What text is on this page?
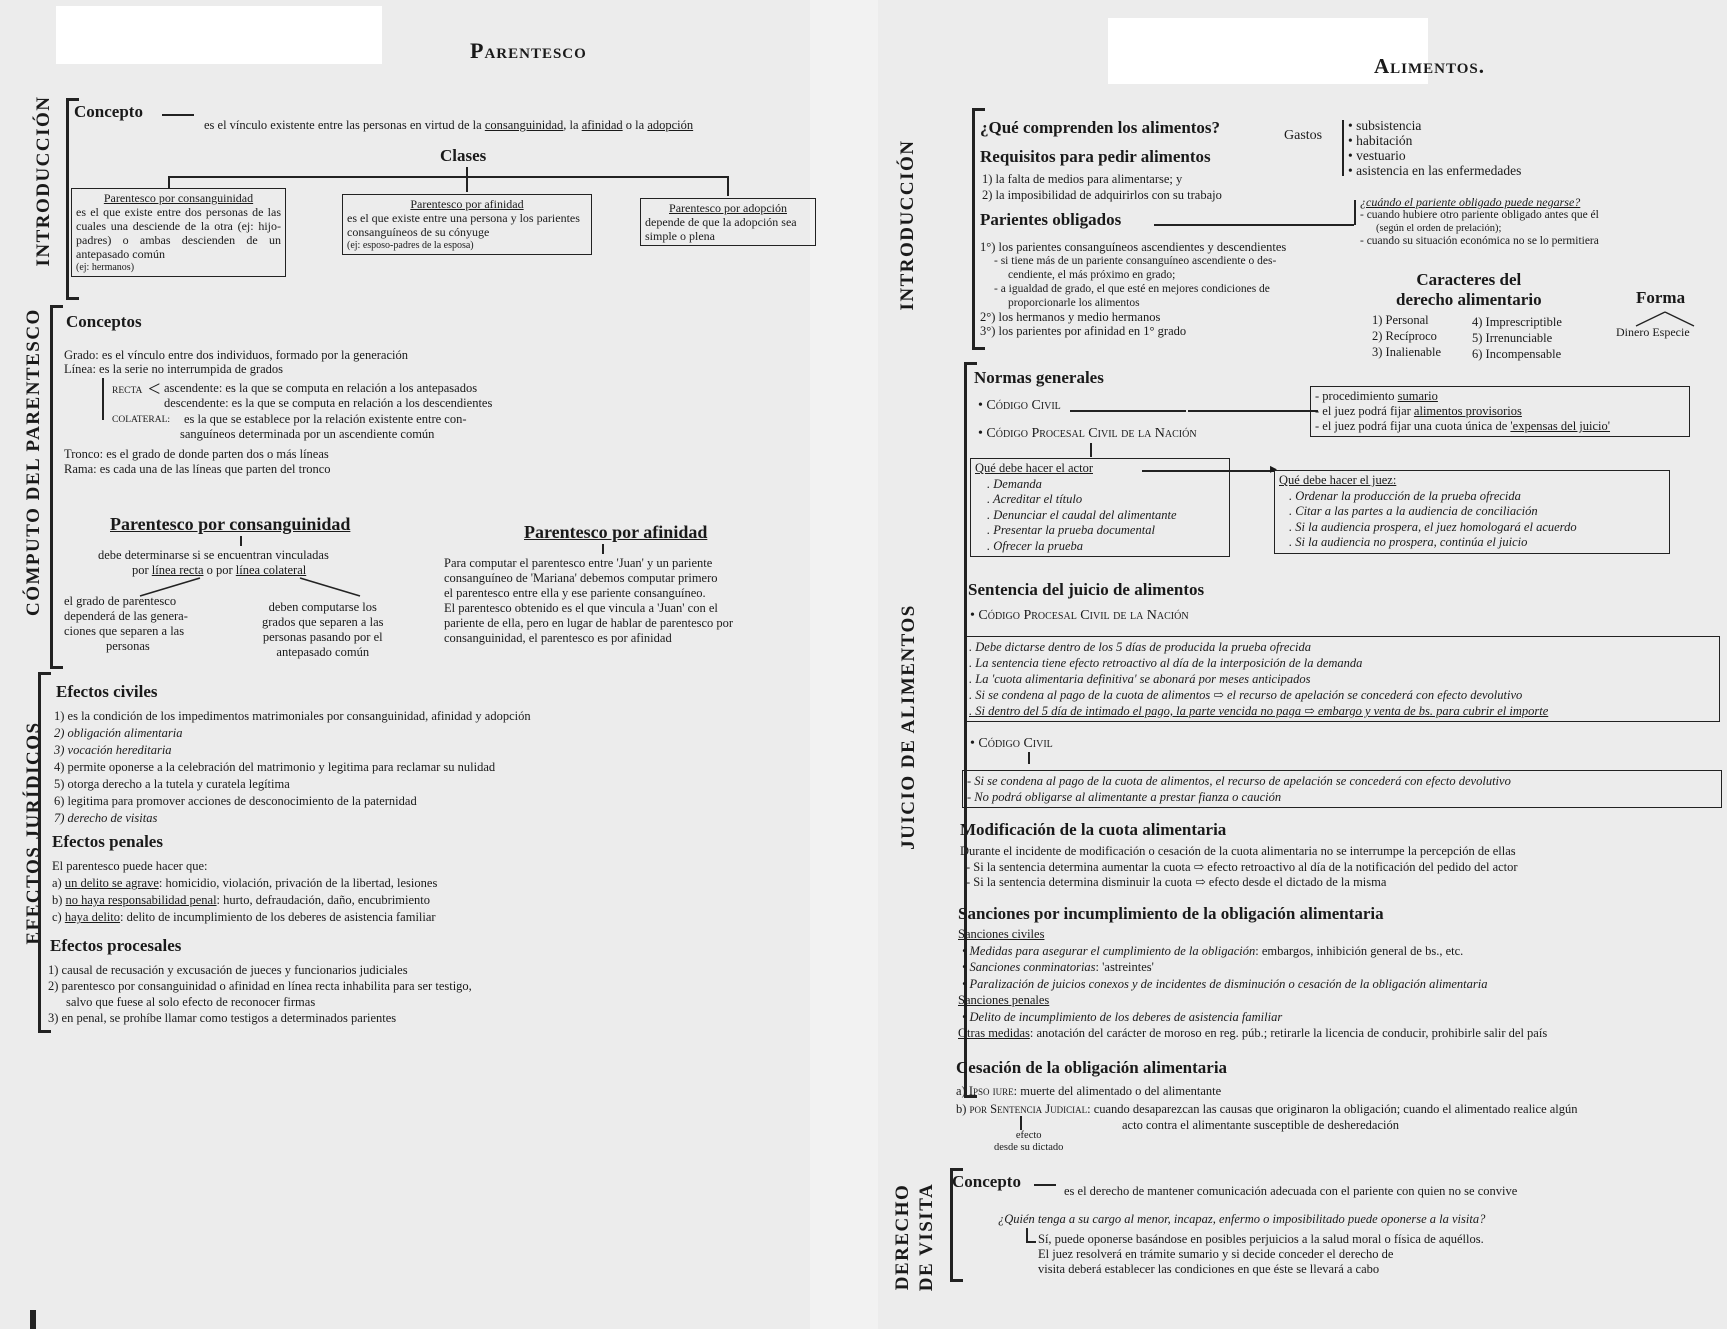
Parentesco
INTRODUCCIÓN
CÓMPUTO DEL PARENTESCO
EFECTOS JURÍDICOS
Concepto
es el vínculo existente entre las personas en virtud de la consanguinidad, la afinidad o la adopción
Clases
Parentesco por consanguinidad
es el que existe entre dos personas de las cuales una desciende de la otra (ej: hijo-padres) o ambas descienden de un antepasado común
(ej: hermanos)
Parentesco por afinidad
es el que existe entre una persona y los parientes consanguíneos de su cónyuge
(ej: esposo-padres de la esposa)
Parentesco por adopción
depende de que la adopción sea simple o plena
Conceptos
Grado: es el vínculo entre dos individuos, formado por la generación
Línea: es la serie no interrumpida de grados
RECTA < ascendente: es la que se computa en relación a los antepasados
descendente: es la que se computa en relación a los descendientes
COLATERAL: es la que se establece por la relación existente entre con-
sanguíneos determinada por un ascendiente común
Tronco: es el grado de donde parten dos o más líneas
Rama: es cada una de las líneas que parten del tronco
Parentesco por consanguinidad
debe determinarse si se encuentran vinculadas
por línea recta o por línea colateral
el grado de parentesco
dependerá de las genera-
ciones que separen a las
personas
deben computarse los
grados que separen a las
personas pasando por el
antepasado común
Parentesco por afinidad
Para computar el parentesco entre 'Juan' y un pariente
consanguíneo de 'Mariana' debemos computar primero
el parentesco entre ella y ese pariente consanguíneo.
El parentesco obtenido es el que vincula a 'Juan' con el
pariente de ella, pero en lugar de hablar de parentesco por
consanguinidad, el parentesco es por afinidad
Efectos civiles
1) es la condición de los impedimentos matrimoniales por consanguinidad, afinidad y adopción
2) obligación alimentaria
3) vocación hereditaria
4) permite oponerse a la celebración del matrimonio y legitima para reclamar su nulidad
5) otorga derecho a la tutela y curatela legítima
6) legitima para promover acciones de desconocimiento de la paternidad
7) derecho de visitas
Efectos penales
El parentesco puede hacer que:
a) un delito se agrave: homicidio, violación, privación de la libertad, lesiones
b) no haya responsabilidad penal: hurto, defraudación, daño, encubrimiento
c) haya delito: delito de incumplimiento de los deberes de asistencia familiar
Efectos procesales
1) causal de recusación y excusación de jueces y funcionarios judiciales
2) parentesco por consanguinidad o afinidad en línea recta inhabilita para ser testigo,
salvo que fuese al solo efecto de reconocer firmas
3) en penal, se prohíbe llamar como testigos a determinados parientes
Alimentos.
INTRODUCCIÓN
JUICIO DE ALIMENTOS
DERECHO DE VISITA
¿Qué comprenden los alimentos?	Gastos
• subsistencia
• habitación
• vestuario
• asistencia en las enfermedades
Requisitos para pedir alimentos
1) la falta de medios para alimentarse; y
2) la imposibilidad de adquirirlos con su trabajo
Parientes obligados
1°) los parientes consanguíneos ascendientes y descendientes
- si tiene más de un pariente consanguíneo ascendiente o des-
cendiente, el más próximo en grado;
- a igualdad de grado, el que esté en mejores condiciones de
proporcionarle los alimentos
2°) los hermanos y medio hermanos
3°) los parientes por afinidad en 1° grado
¿cuándo el pariente obligado puede negarse?
- cuando hubiere otro pariente obligado antes que él
(según el orden de prelación);
- cuando su situación económica no se lo permitiera
Caracteres del
derecho alimentario
1) Personal
2) Recíproco
3) Inalienable
4) Imprescriptible
5) Irrenunciable
6) Incompensable
Forma
Dinero Especie
Normas generales
• Código Civil
• Código Procesal Civil de la Nación
- procedimiento sumario
- el juez podrá fijar alimentos provisorios
- el juez podrá fijar una cuota única de 'expensas del juicio'
Qué debe hacer el actor
. Demanda
. Acreditar el título
. Denunciar el caudal del alimentante
. Presentar la prueba documental
. Ofrecer la prueba
▸
Qué debe hacer el juez:
. Ordenar la producción de la prueba ofrecida
. Citar a las partes a la audiencia de conciliación
. Si la audiencia prospera, el juez homologará el acuerdo
. Si la audiencia no prospera, continúa el juicio
Sentencia del juicio de alimentos
• Código Procesal Civil de la Nación
. Debe dictarse dentro de los 5 días de producida la prueba ofrecida
. La sentencia tiene efecto retroactivo al día de la interposición de la demanda
. La 'cuota alimentaria definitiva' se abonará por meses anticipados
. Si se condena al pago de la cuota de alimentos ⇨ el recurso de apelación se concederá con efecto devolutivo
. Si dentro del 5 día de intimado el pago, la parte vencida no paga ⇨ embargo y venta de bs. para cubrir el importe
• Código Civil
- Si se condena al pago de la cuota de alimentos, el recurso de apelación se concederá con efecto devolutivo
- No podrá obligarse al alimentante a prestar fianza o caución
Modificación de la cuota alimentaria
Durante el incidente de modificación o cesación de la cuota alimentaria no se interrumpe la percepción de ellas
- Si la sentencia determina aumentar la cuota ⇨ efecto retroactivo al día de la notificación del pedido del actor
- Si la sentencia determina disminuir la cuota ⇨ efecto desde el dictado de la misma
Sanciones por incumplimiento de la obligación alimentaria
Sanciones civiles
• Medidas para asegurar el cumplimiento de la obligación: embargos, inhibición general de bs., etc.
• Sanciones conminatorias: 'astreintes'
• Paralización de juicios conexos y de incidentes de disminución o cesación de la obligación alimentaria
Sanciones penales
• Delito de incumplimiento de los deberes de asistencia familiar
Otras medidas: anotación del carácter de moroso en reg. púb.; retirarle la licencia de conducir, prohibirle salir del país
Cesación de la obligación alimentaria
a) Ipso iure: muerte del alimentado o del alimentante
b) por Sentencia Judicial: cuando desaparezcan las causas que originaron la obligación; cuando el alimentado realice algún
acto contra el alimentante susceptible de desheredación
efecto
desde su dictado
Concepto	es el derecho de mantener comunicación adecuada con el pariente con quien no se convive
¿Quién tenga a su cargo al menor, incapaz, enfermo o imposibilitado puede oponerse a la visita?
Sí, puede oponerse basándose en posibles perjuicios a la salud moral o física de aquéllos.
El juez resolverá en trámite sumario y si decide conceder el derecho de
visita deberá establecer las condiciones en que éste se llevará a cabo
